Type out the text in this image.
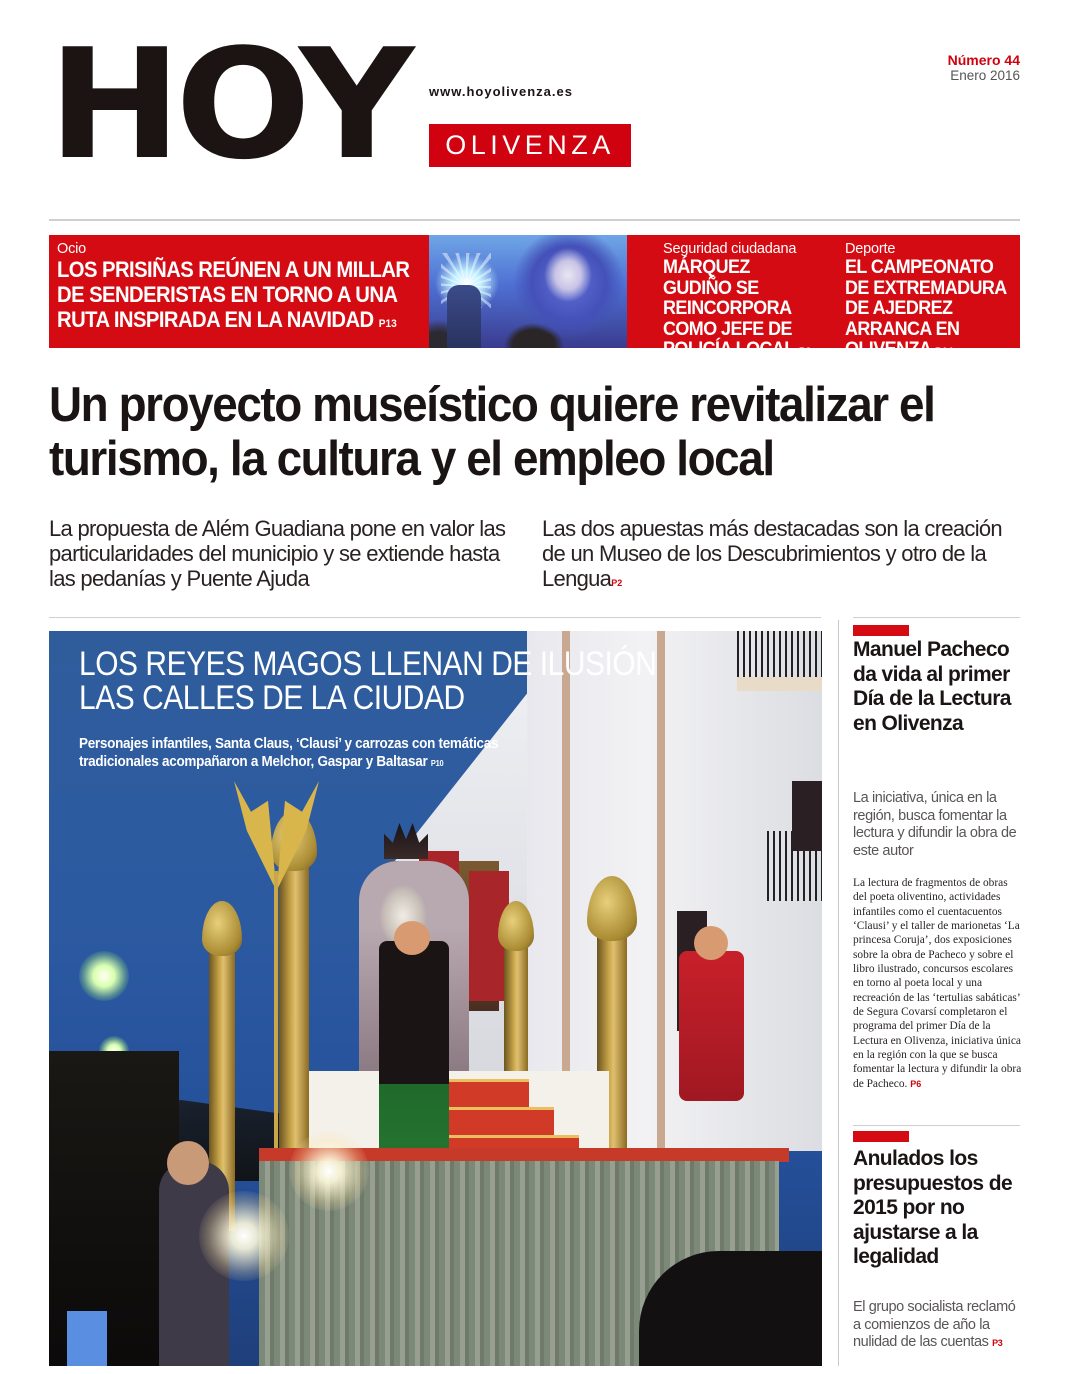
HOY www.hoyolivenza.es
OLIVENZA
Número 44
Enero 2016
Ocio
LOS PRISIÑAS REÚNEN A UN MILLAR DE SENDERISTAS EN TORNO A UNA RUTA INSPIRADA EN LA NAVIDAD P13
Seguridad ciudadana
MÁRQUEZ GUDIÑO SE REINCORPORA COMO JEFE DE POLICÍA LOCAL P3
Deporte
EL CAMPEONATO DE EXTREMADURA DE AJEDREZ ARRANCA EN OLIVENZA P14
Un proyecto museístico quiere revitalizar el turismo, la cultura y el empleo local
La propuesta de Além Guadiana pone en valor las particularidades del municipio y se extiende hasta las pedanías y Puente Ajuda
Las dos apuestas más destacadas son la creación de un Museo de los Descubrimientos y otro de la LenguaP2
LOS REYES MAGOS LLENAN DE ILUSIÓN
LAS CALLES DE LA CIUDAD
Personajes infantiles, Santa Claus, ‘Clausi’ y carrozas con temáticas tradicionales acompañaron a Melchor, Gaspar y Baltasar P10
Manuel Pacheco da vida al primer Día de la Lectura en Olivenza
La iniciativa, única en la región, busca fomentar la lectura y difundir la obra de este autor
La lectura de fragmentos de obras del poeta oliventino, actividades infantiles como el cuentacuentos ‘Clausi’ y el taller de marionetas ‘La princesa Coruja’, dos exposiciones sobre la obra de Pacheco y sobre el libro ilustrado, concursos escolares en torno al poeta local y una recreación de las ‘tertulias sabáticas’ de Segura Covarsí completaron el programa del primer Día de la Lectura en Olivenza, iniciativa única en la región con la que se busca fomentar la lectura y difundir la obra de Pacheco. P6
Anulados los presupuestos de 2015 por no ajustarse a la legalidad
El grupo socialista reclamó a comienzos de año la nulidad de las cuentas P3
